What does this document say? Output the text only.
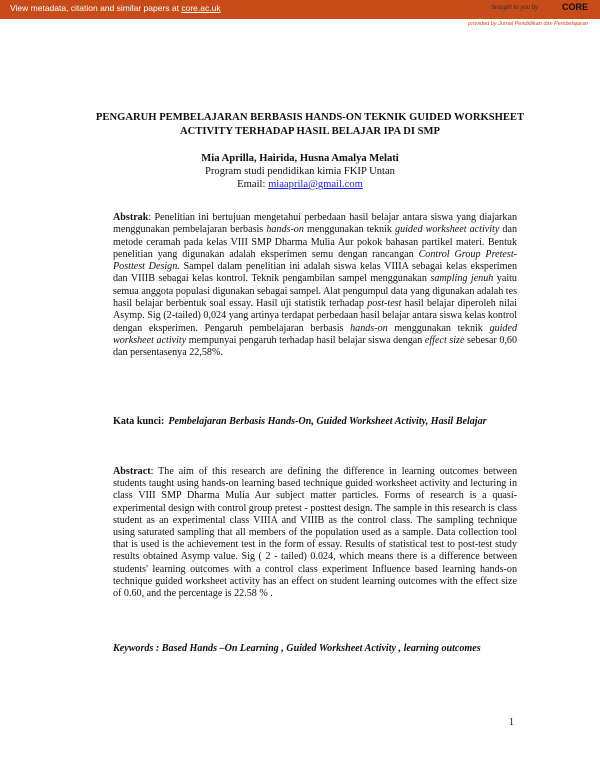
View metadata, citation and similar papers at core.ac.uk	brought to you by	CORE
provided by Jurnal Pendidikan dan Pembelajaran
PENGARUH PEMBELAJARAN BERBASIS HANDS-ON TEKNIK GUIDED WORKSHEET ACTIVITY TERHADAP HASIL BELAJAR IPA DI SMP
Mia Aprilla, Hairida, Husna Amalya Melati
Program studi pendidikan kimia FKIP Untan
Email: miaaprila@gmail.com
Abstrak: Penelitian ini bertujuan mengetahui perbedaan hasil belajar antara siswa yang diajarkan menggunakan pembelajaran berbasis hands-on menggunakan teknik guided worksheet activity dan metode ceramah pada kelas VIII SMP Dharma Mulia Aur pokok bahasan partikel materi. Bentuk penelitian yang digunakan adalah eksperimen semu dengan rancangan Control Group Pretest-Posttest Design. Sampel dalam penelitian ini adalah siswa kelas VIIIA sebagai kelas eksperimen dan VIIIB sebagai kelas kontrol. Teknik pengambilan sampel menggunakan sampling jenuh yaitu semua anggota populasi digunakan sebagai sampel. Alat pengumpul data yang digunakan adalah tes hasil belajar berbentuk soal essay. Hasil uji statistik terhadap post-test hasil belajar diperoleh nilai Asymp. Sig (2-tailed) 0,024 yang artinya terdapat perbedaan hasil belajar antara siswa kelas kontrol dengan eksperimen. Pengaruh pembelajaran berbasis hands-on menggunakan teknik guided worksheet activity mempunyai pengaruh terhadap hasil belajar siswa dengan effect size sebesar 0,60 dan persentasenya 22,58%.
Kata kunci: Pembelajaran Berbasis Hands-On, Guided Worksheet Activity, Hasil Belajar
Abstract: The aim of this research are defining the difference in learning outcomes between students taught using hands-on learning based technique guided worksheet activity and lecturing in class VIII SMP Dharma Mulia Aur subject matter particles. Forms of research is a quasi-experimental design with control group pretest - posttest design. The sample in this research is class student as an experimental class VIIIA and VIIIB as the control class. The sampling technique using saturated sampling that all members of the population used as a sample. Data collection tool that is used is the achievement test in the form of essay. Results of statistical test to post-test study results obtained Asymp value. Sig ( 2 - tailed) 0.024, which means there is a difference between students' learning outcomes with a control class experiment Influence based learning hands-on technique guided worksheet activity has an effect on student learning outcomes with the effect size of 0.60, and the percentage is 22.58 % .
Keywords : Based Hands –On Learning , Guided Worksheet Activity , learning outcomes
1
